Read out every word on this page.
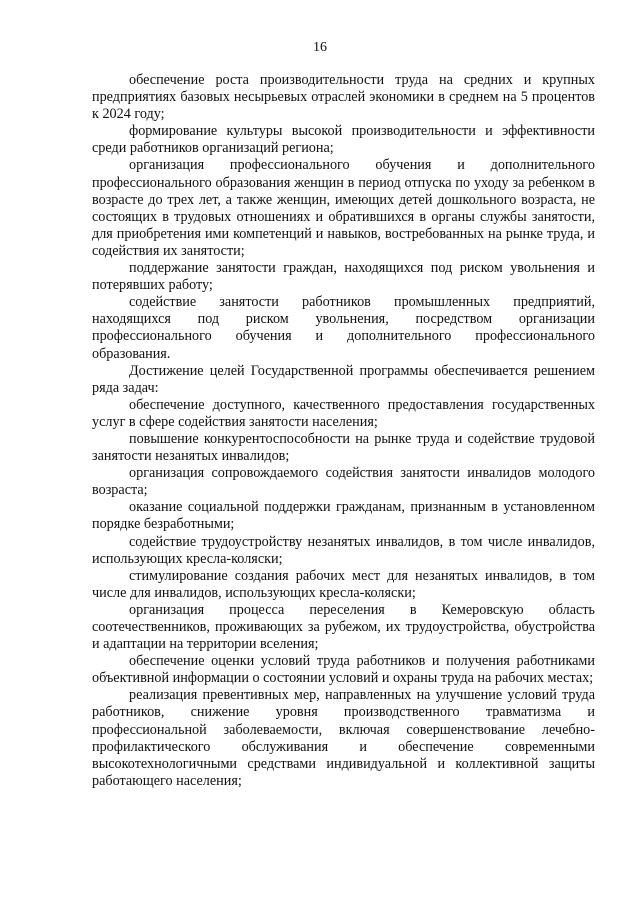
16

обеспечение роста производительности труда на средних и крупных предприятиях базовых несырьевых отраслей экономики в среднем на 5 процентов к 2024 году;

формирование культуры высокой производительности и эффективности среди работников организаций региона;

организация профессионального обучения и дополнительного профессионального образования женщин в период отпуска по уходу за ребенком в возрасте до трех лет, а также женщин, имеющих детей дошкольного возраста, не состоящих в трудовых отношениях и обратившихся в органы службы занятости, для приобретения ими компетенций и навыков, востребованных на рынке труда, и содействия их занятости;

поддержание занятости граждан, находящихся под риском увольнения и потерявших работу;

содействие занятости работников промышленных предприятий, находящихся под риском увольнения, посредством организации профессионального обучения и дополнительного профессионального образования.

Достижение целей Государственной программы обеспечивается решением ряда задач:

обеспечение доступного, качественного предоставления государственных услуг в сфере содействия занятости населения;

повышение конкурентоспособности на рынке труда и содействие трудовой занятости незанятых инвалидов;

организация сопровождаемого содействия занятости инвалидов молодого возраста;

оказание социальной поддержки гражданам, признанным в установленном порядке безработными;

содействие трудоустройству незанятых инвалидов, в том числе инвалидов, использующих кресла-коляски;

стимулирование создания рабочих мест для незанятых инвалидов, в том числе для инвалидов, использующих кресла-коляски;

организация процесса переселения в Кемеровскую область соотечественников, проживающих за рубежом, их трудоустройства, обустройства и адаптации на территории вселения;

обеспечение оценки условий труда работников и получения работниками объективной информации о состоянии условий и охраны труда на рабочих местах;

реализация превентивных мер, направленных на улучшение условий труда работников, снижение уровня производственного травматизма и профессиональной заболеваемости, включая совершенствование лечебно-профилактического обслуживания и обеспечение современными высокотехнологичными средствами индивидуальной и коллективной защиты работающего населения;
